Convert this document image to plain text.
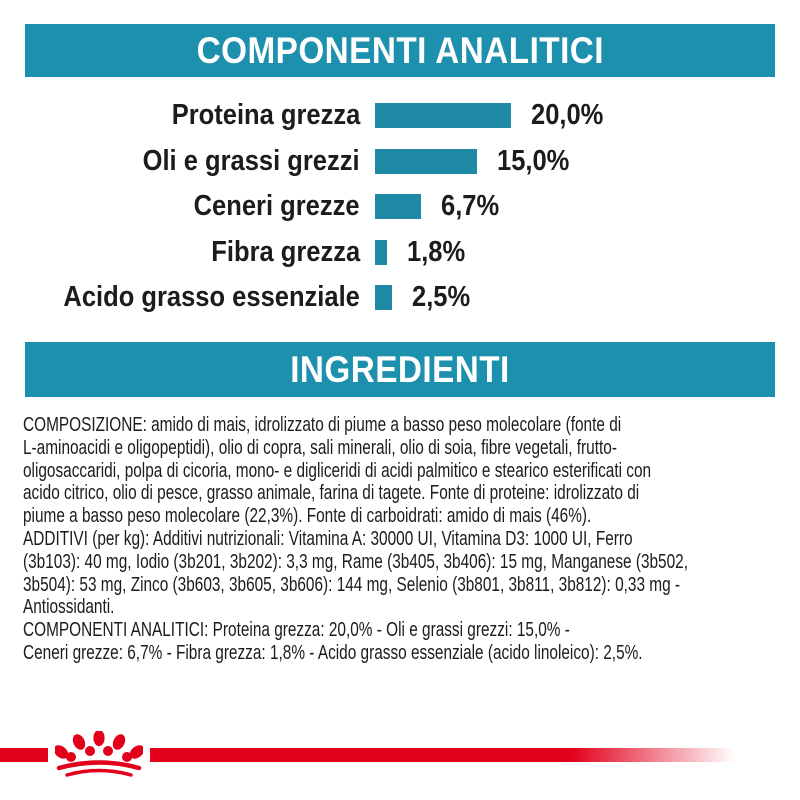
COMPONENTI ANALITICI
Proteina grezza	20,0%
Oli e grassi grezzi	15,0%
Ceneri grezze	6,7%
Fibra grezza 1,8%
Acido grasso essenziale 2,5%
INGREDIENTI
COMPOSIZIONE: amido di mais, idrolizzato di piume a basso peso molecolare (fonte di
L-aminoacidi e oligopeptidi), olio di copra, sali minerali, olio di soia, fibre vegetali, frutto-
oligosaccaridi, polpa di cicoria, mono- e digliceridi di acidi palmitico e stearico esterificati con
acido citrico, olio di pesce, grasso animale, farina di tagete. Fonte di proteine: idrolizzato di
piume a basso peso molecolare (22,3%). Fonte di carboidrati: amido di mais (46%).
ADDITIVI (per kg): Additivi nutrizionali: Vitamina A: 30000 UI, Vitamina D3: 1000 UI, Ferro
(3b103): 40 mg, Iodio (3b201, 3b202): 3,3 mg, Rame (3b405, 3b406): 15 mg, Manganese (3b502,
3b504): 53 mg, Zinco (3b603, 3b605, 3b606): 144 mg, Selenio (3b801, 3b811, 3b812): 0,33 mg -
Antiossidanti.
COMPONENTI ANALITICI: Proteina grezza: 20,0% - Oli e grassi grezzi: 15,0% -
Ceneri grezze: 6,7% - Fibra grezza: 1,8% - Acido grasso essenziale (acido linoleico): 2,5%.
